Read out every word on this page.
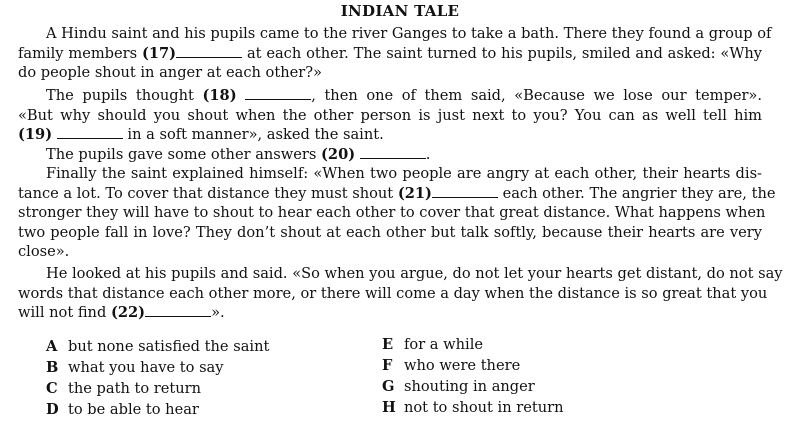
INDIAN TALE
A Hindu saint and his pupils came to the river Ganges to take a bath. There they found a group of
family members (17)	at each other. The saint turned to his pupils, smiled and asked: «Why
do people shout in anger at each other?»
The pupils thought (18)	, then one of them said, «Because we lose our temper».
«But why should you shout when the other person is just next to you? You can as well tell him
(19)	in a soft manner», asked the saint.
The pupils gave some other answers (20)	.
Finally the saint explained himself: «When two people are angry at each other, their hearts dis-
tance a lot. To cover that distance they must shout (21)	each other. The angrier they are, the
stronger they will have to shout to hear each other to cover that great distance. What happens when
two people fall in love? They don’t shout at each other but talk softly, because their hearts are very
close».
He looked at his pupils and said. «So when you argue, do not let your hearts get distant, do not say
words that distance each other more, or there will come a day when the distance is so great that you
will not find (22)	».
A but none satisfied the saint
B what you have to say
C the path to return
D to be able to hear
E for a while
F who were there
G shouting in anger
H not to shout in return
